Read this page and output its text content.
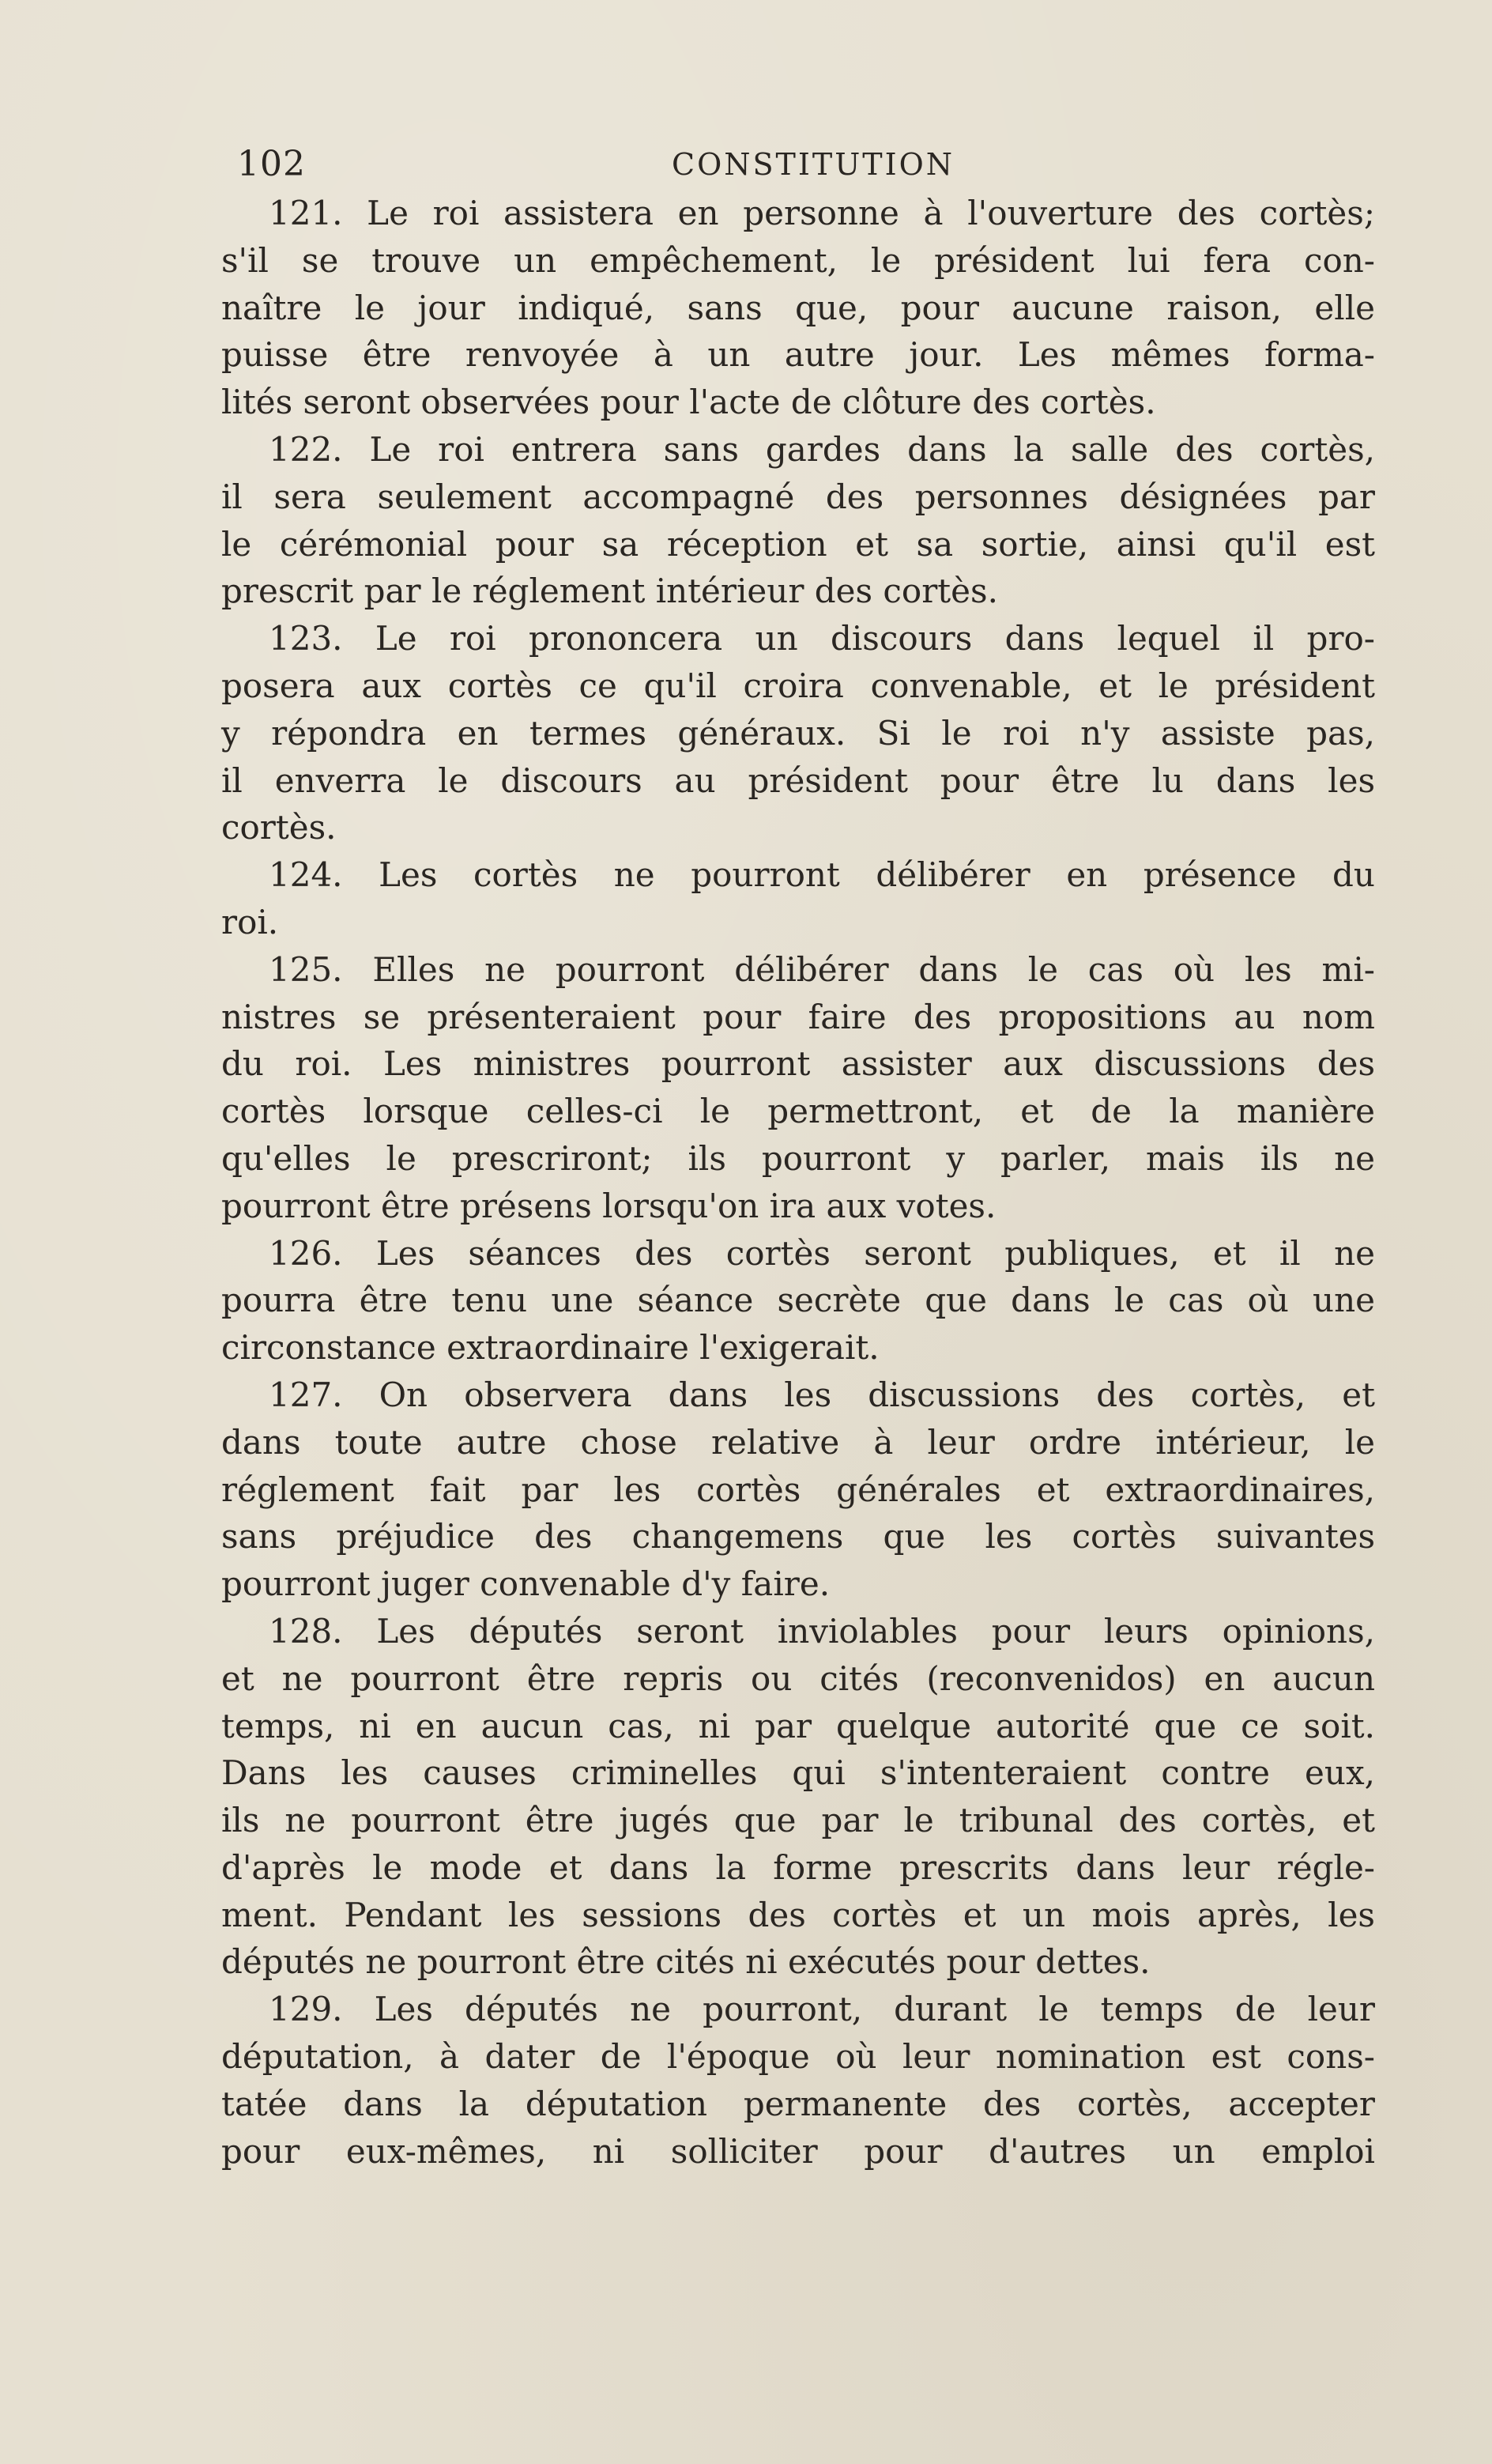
102	CONSTITUTION
121. Le roi assistera en personne à l'ouverture des cortès;
s'il se trouve un empêchement, le président lui fera con-
naître le jour indiqué, sans que, pour aucune raison, elle
puisse être renvoyée à un autre jour. Les mêmes forma-
lités seront observées pour l'acte de clôture des cortès.
122. Le roi entrera sans gardes dans la salle des cortès,
il sera seulement accompagné des personnes désignées par
le cérémonial pour sa réception et sa sortie, ainsi qu'il est
prescrit par le réglement intérieur des cortès.
123. Le roi prononcera un discours dans lequel il pro-
posera aux cortès ce qu'il croira convenable, et le président
y répondra en termes généraux. Si le roi n'y assiste pas,
il enverra le discours au président pour être lu dans les
cortès.
124. Les cortès ne pourront délibérer en présence du
roi.
125. Elles ne pourront délibérer dans le cas où les mi-
nistres se présenteraient pour faire des propositions au nom
du roi. Les ministres pourront assister aux discussions des
cortès lorsque celles-ci le permettront, et de la manière
qu'elles le prescriront; ils pourront y parler, mais ils ne
pourront être présens lorsqu'on ira aux votes.
126. Les séances des cortès seront publiques, et il ne
pourra être tenu une séance secrète que dans le cas où une
circonstance extraordinaire l'exigerait.
127. On observera dans les discussions des cortès, et
dans toute autre chose relative à leur ordre intérieur, le
réglement fait par les cortès générales et extraordinaires,
sans préjudice des changemens que les cortès suivantes
pourront juger convenable d'y faire.
128. Les députés seront inviolables pour leurs opinions,
et ne pourront être repris ou cités (reconvenidos) en aucun
temps, ni en aucun cas, ni par quelque autorité que ce soit.
Dans les causes criminelles qui s'intenteraient contre eux,
ils ne pourront être jugés que par le tribunal des cortès, et
d'après le mode et dans la forme prescrits dans leur régle-
ment. Pendant les sessions des cortès et un mois après, les
députés ne pourront être cités ni exécutés pour dettes.
129. Les députés ne pourront, durant le temps de leur
députation, à dater de l'époque où leur nomination est cons-
tatée dans la députation permanente des cortès, accepter
pour eux-mêmes, ni solliciter pour d'autres un emploi
